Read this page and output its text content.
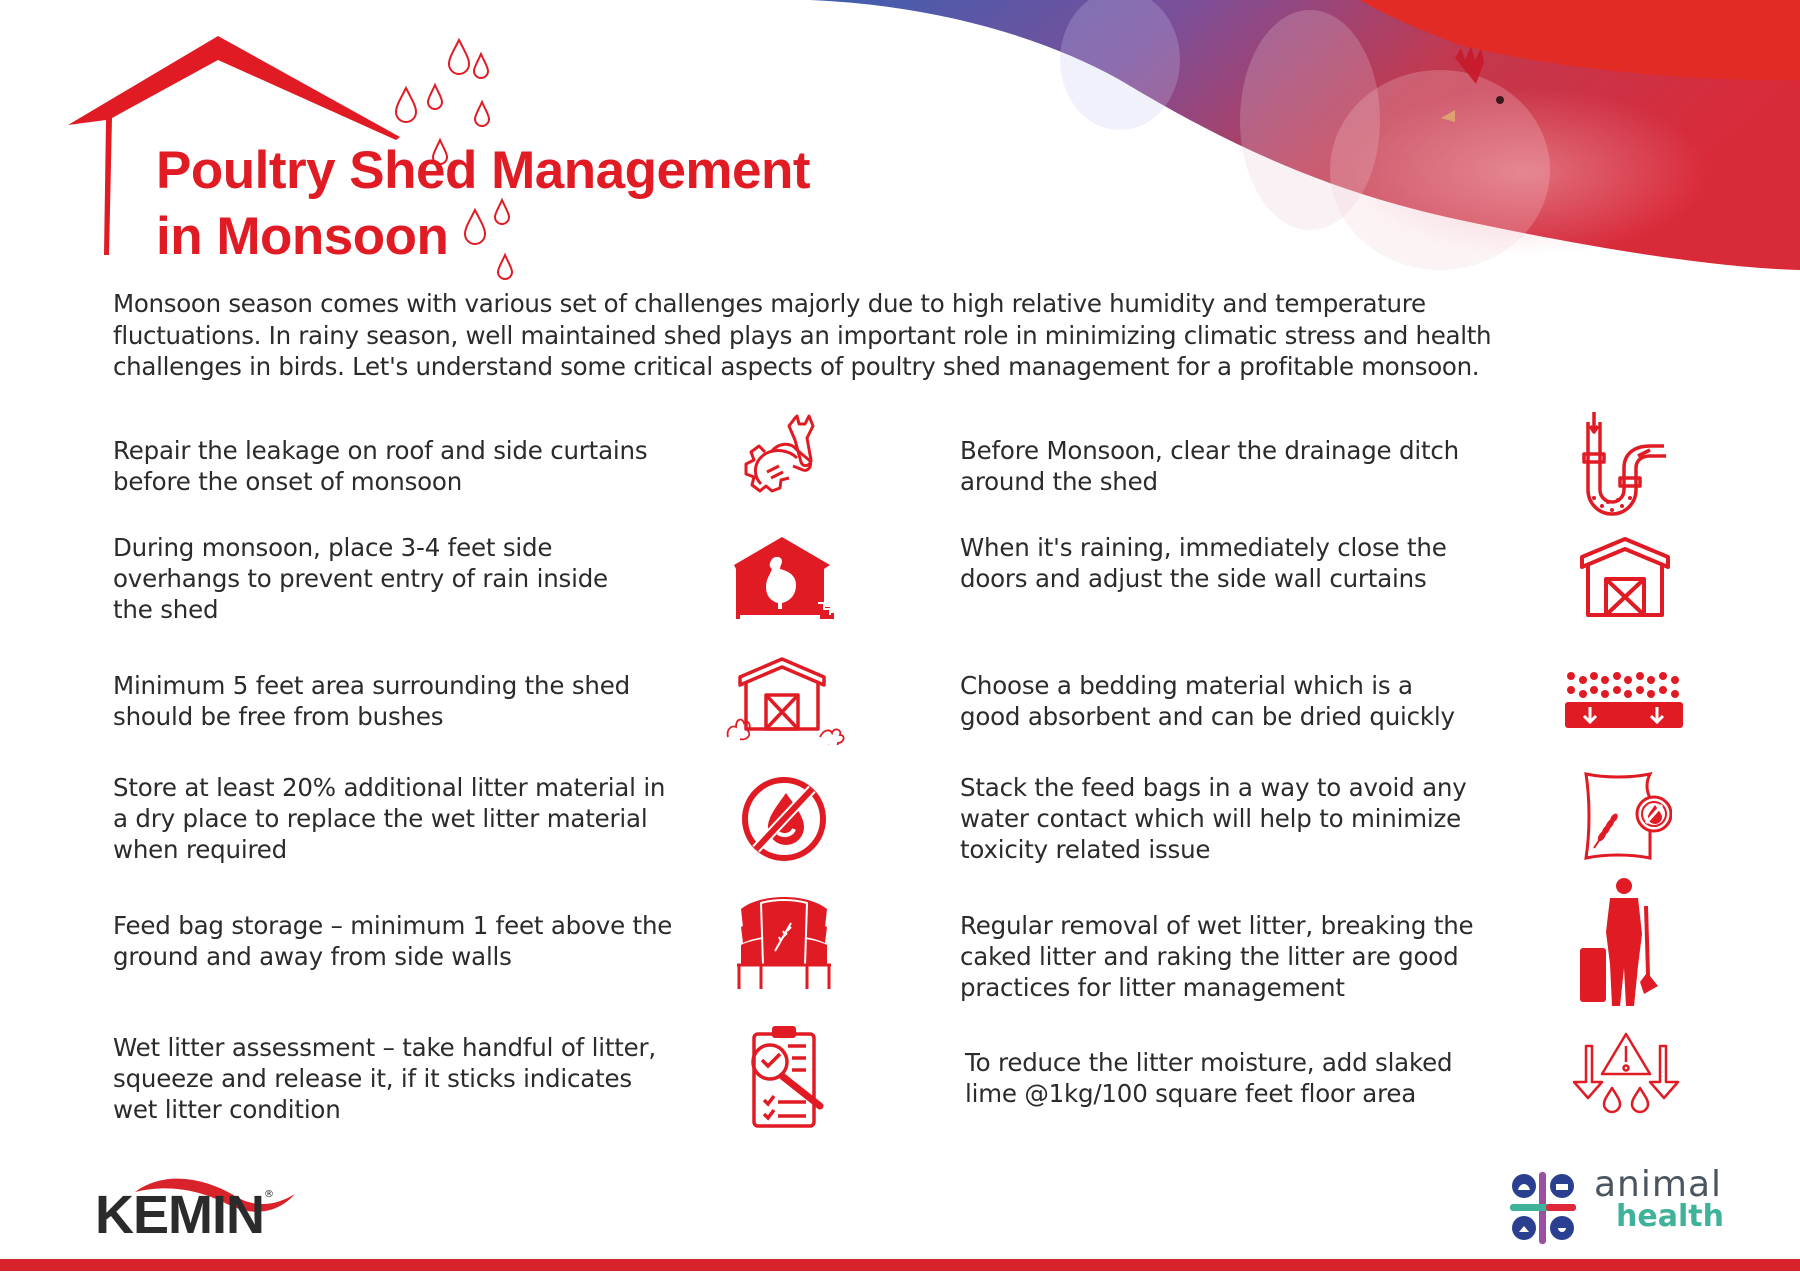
Poultry Shed Management
in Monsoon

Monsoon season comes with various set of challenges majorly due to high relative humidity and temperature fluctuations. In rainy season, well maintained shed plays an important role in minimizing climatic stress and health challenges in birds. Let's understand some critical aspects of poultry shed management for a profitable monsoon.

Repair the leakage on roof and side curtains before the onset of monsoon

During monsoon, place 3-4 feet side overhangs to prevent entry of rain inside the shed

Minimum 5 feet area surrounding the shed should be free from bushes

Store at least 20% additional litter material in a dry place to replace the wet litter material when required

Feed bag storage – minimum 1 feet above the ground and away from side walls

Wet litter assessment – take handful of litter, squeeze and release it, if it sticks indicates wet litter condition

Before Monsoon, clear the drainage ditch around the shed

When it's raining, immediately close the doors and adjust the side wall curtains

Choose a bedding material which is a good absorbent and can be dried quickly

Stack the feed bags in a way to avoid any water contact which will help to minimize toxicity related issue

Regular removal of wet litter, breaking the caked litter and raking the litter are good practices for litter management

To reduce the litter moisture, add slaked lime @1kg/100 square feet floor area

KEMIN®	animal
health
